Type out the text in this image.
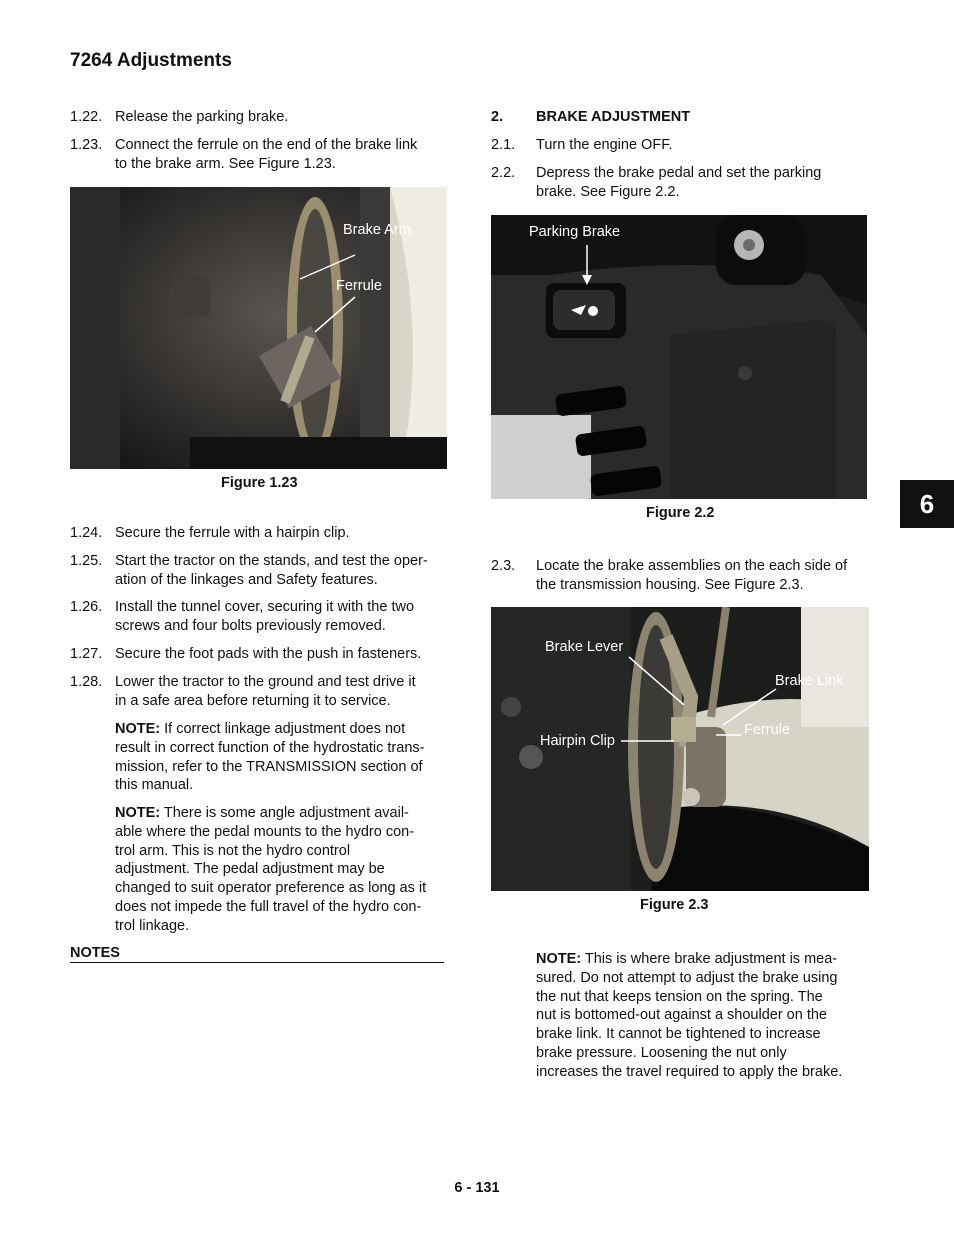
7264 Adjustments
1.22. Release the parking brake.
1.23. Connect the ferrule on the end of the brake link
to the brake arm. See Figure 1.23.
Brake Arm
Ferrule
Figure 1.23
1.24. Secure the ferrule with a hairpin clip.
1.25. Start the tractor on the stands, and test the oper-
ation of the linkages and Safety features.
1.26. Install the tunnel cover, securing it with the two
screws and four bolts previously removed.
1.27. Secure the foot pads with the push in fasteners.
1.28. Lower the tractor to the ground and test drive it
in a safe area before returning it to service.
NOTE: If correct linkage adjustment does not
result in correct function of the hydrostatic trans-
mission, refer to the TRANSMISSION section of
this manual.
NOTE: There is some angle adjustment avail-
able where the pedal mounts to the hydro con-
trol arm. This is not the hydro control
adjustment. The pedal adjustment may be
changed to suit operator preference as long as it
does not impede the full travel of the hydro con-
trol linkage.
NOTES
2. BRAKE ADJUSTMENT
2.1. Turn the engine OFF.
2.2. Depress the brake pedal and set the parking
brake. See Figure 2.2.
Parking Brake
Figure 2.2
2.3. Locate the brake assemblies on the each side of
the transmission housing. See Figure 2.3.
Brake Lever
Brake Link
Ferrule
Hairpin Clip
Figure 2.3
NOTE: This is where brake adjustment is mea-
sured. Do not attempt to adjust the brake using
the nut that keeps tension on the spring. The
nut is bottomed-out against a shoulder on the
brake link. It cannot be tightened to increase
brake pressure. Loosening the nut only
increases the travel required to apply the brake.
6
6 - 131
